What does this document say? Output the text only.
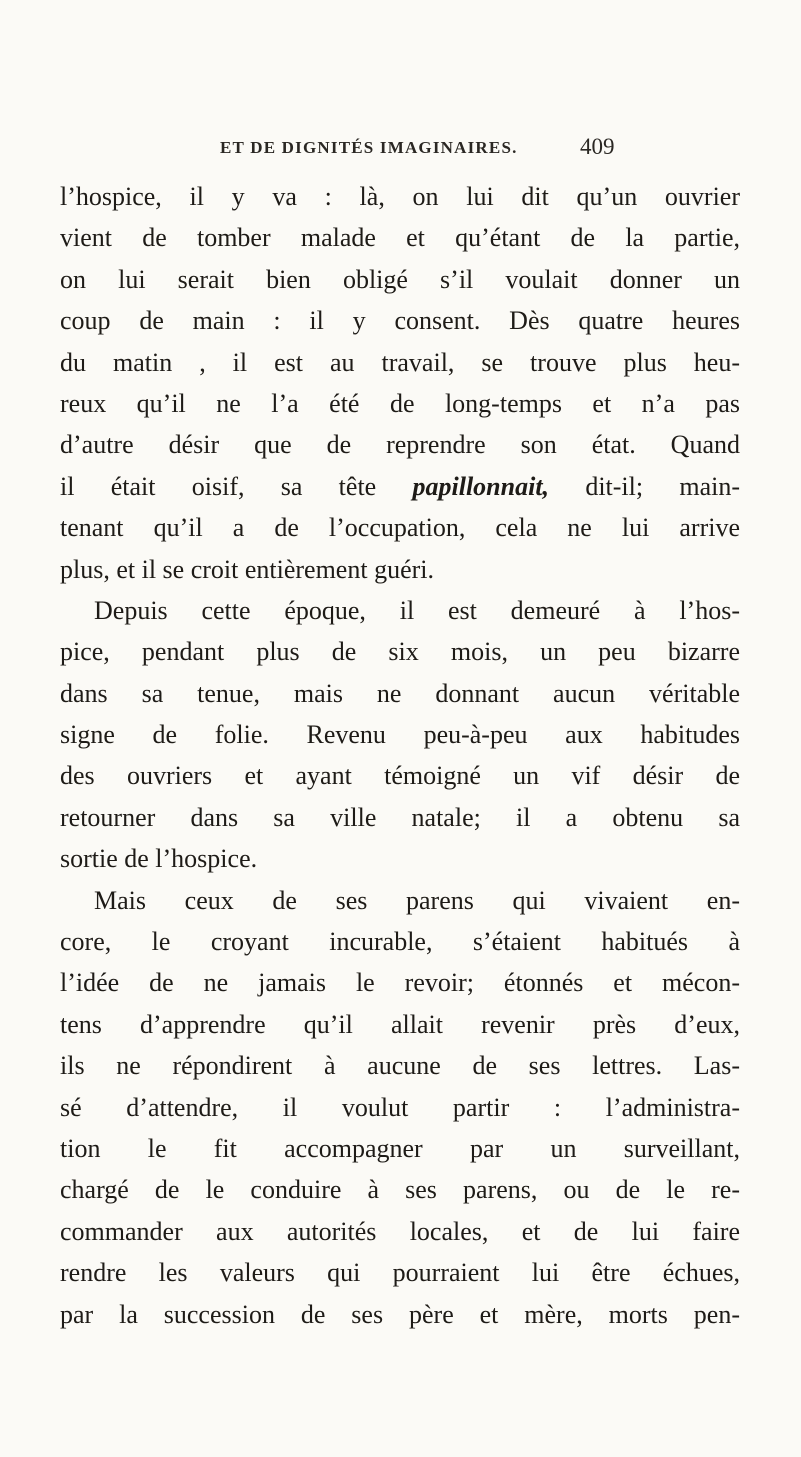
ET DE DIGNITÉS IMAGINAIRES.	409
l’hospice, il y va : là, on lui dit qu’un ouvrier
vient de tomber malade et qu’étant de la partie,
on lui serait bien obligé s’il voulait donner un
coup de main : il y consent. Dès quatre heures
du matin , il est au travail, se trouve plus heu-
reux qu’il ne l’a été de long-temps et n’a pas
d’autre désir que de reprendre son état. Quand
il était oisif, sa tête papillonnait, dit-il; main-
tenant qu’il a de l’occupation, cela ne lui arrive
plus, et il se croit entièrement guéri.
Depuis cette époque, il est demeuré à l’hos-
pice, pendant plus de six mois, un peu bizarre
dans sa tenue, mais ne donnant aucun véritable
signe de folie. Revenu peu-à-peu aux habitudes
des ouvriers et ayant témoigné un vif désir de
retourner dans sa ville natale; il a obtenu sa
sortie de l’hospice.
Mais ceux de ses parens qui vivaient en-
core, le croyant incurable, s’étaient habitués à
l’idée de ne jamais le revoir; étonnés et mécon-
tens d’apprendre qu’il allait revenir près d’eux,
ils ne répondirent à aucune de ses lettres. Las-
sé d’attendre, il voulut partir : l’administra-
tion le fit accompagner par un surveillant,
chargé de le conduire à ses parens, ou de le re-
commander aux autorités locales, et de lui faire
rendre les valeurs qui pourraient lui être échues,
par la succession de ses père et mère, morts pen-
